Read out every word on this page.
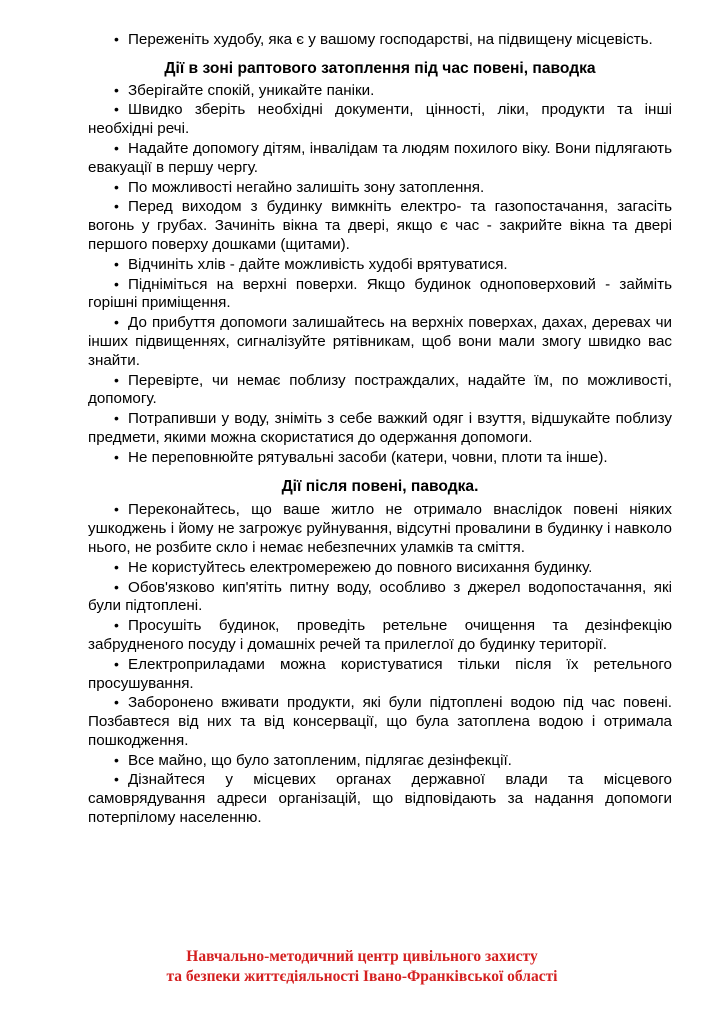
• Переженіть худобу, яка є у вашому господарстві, на підвищену місцевість.

Дії в зоні раптового затоплення під час повені, паводка

• Зберігайте спокій, уникайте паніки.

• Швидко зберіть необхідні документи, цінності, ліки, продукти та інші необхідні речі.

• Надайте допомогу дітям, інвалідам та людям похилого віку. Вони підлягають евакуації в першу чергу.

• По можливості негайно залишіть зону затоплення.

• Перед виходом з будинку вимкніть електро- та газопостачання, загасіть вогонь у грубах. Зачиніть вікна та двері, якщо є час - закрийте вікна та двері першого поверху дошками (щитами).

• Відчиніть хлів - дайте можливість худобі врятуватися.

• Підніміться на верхні поверхи. Якщо будинок одноповерховий - займіть горішні приміщення.

• До прибуття допомоги залишайтесь на верхніх поверхах, дахах, деревах чи інших підвищеннях, сигналізуйте рятівникам, щоб вони мали змогу швидко вас знайти.

• Перевірте, чи немає поблизу постраждалих, надайте їм, по можливості, допомогу.

• Потрапивши у воду, зніміть з себе важкий одяг і взуття, відшукайте поблизу предмети, якими можна скористатися до одержання допомоги.

• Не переповнюйте рятувальні засоби (катери, човни, плоти та інше).

Дії після повені, паводка.

• Переконайтесь, що ваше житло не отримало внаслідок повені ніяких ушкоджень і йому не загрожує руйнування, відсутні провалини в будинку і навколо нього, не розбите скло і немає небезпечних уламків та сміття.

• Не користуйтесь електромережею до повного висихання будинку.

• Обов'язково кип'ятіть питну воду, особливо з джерел водопостачання, які були підтоплені.

• Просушіть будинок, проведіть ретельне очищення та дезінфекцію забрудненого посуду і домашніх речей та прилеглої до будинку території.

• Електроприладами можна користуватися тільки після їх ретельного просушування.

• Заборонено вживати продукти, які були підтоплені водою під час повені. Позбавтеся від них та від консервації, що була затоплена водою і отримала пошкодження.

• Все майно, що було затопленим, підлягає дезінфекції.

• Дізнайтеся у місцевих органах державної влади та місцевого самоврядування адреси організацій, що відповідають за надання допомоги потерпілому населенню.

Навчально-методичний центр цивільного захисту
та безпеки життєдіяльності Івано-Франківської області
